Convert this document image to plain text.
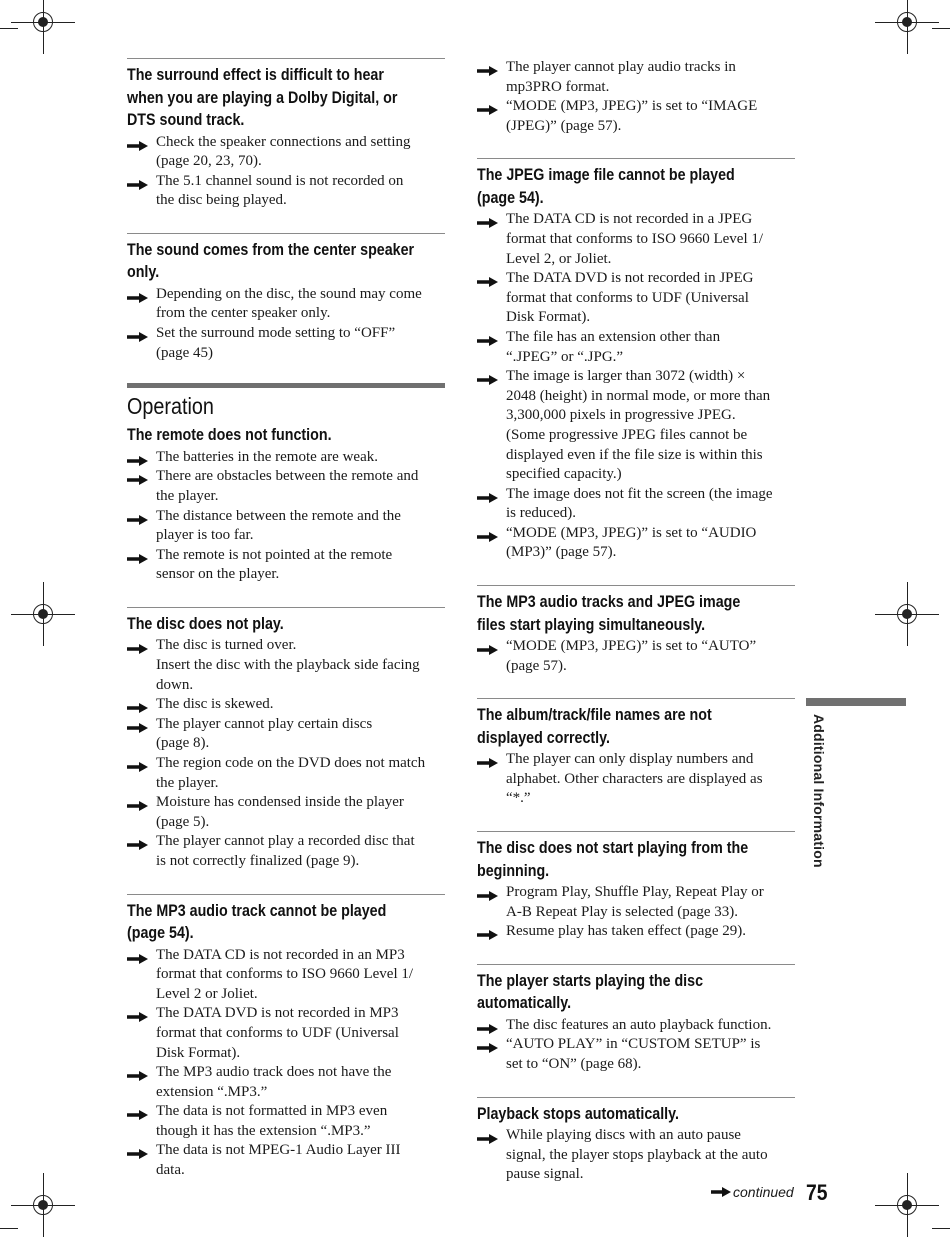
The surround effect is difficult to hear
when you are playing a Dolby Digital, or
DTS sound track.
Check the speaker connections and setting
(page 20, 23, 70).
The 5.1 channel sound is not recorded on
the disc being played.
The sound comes from the center speaker
only.
Depending on the disc, the sound may come
from the center speaker only.
Set the surround mode setting to “OFF”
(page 45)
Operation
The remote does not function.
The batteries in the remote are weak.
There are obstacles between the remote and
the player.
The distance between the remote and the
player is too far.
The remote is not pointed at the remote
sensor on the player.
The disc does not play.
The disc is turned over.
Insert the disc with the playback side facing
down.
The disc is skewed.
The player cannot play certain discs
(page 8).
The region code on the DVD does not match
the player.
Moisture has condensed inside the player
(page 5).
The player cannot play a recorded disc that
is not correctly finalized (page 9).
The MP3 audio track cannot be played
(page 54).
The DATA CD is not recorded in an MP3
format that conforms to ISO 9660 Level 1/
Level 2 or Joliet.
The DATA DVD is not recorded in MP3
format that conforms to UDF (Universal
Disk Format).
The MP3 audio track does not have the
extension “.MP3.”
The data is not formatted in MP3 even
though it has the extension “.MP3.”
The data is not MPEG-1 Audio Layer III
data.
The player cannot play audio tracks in
mp3PRO format.
“MODE (MP3, JPEG)” is set to “IMAGE
(JPEG)” (page 57).
The JPEG image file cannot be played
(page 54).
The DATA CD is not recorded in a JPEG
format that conforms to ISO 9660 Level 1/
Level 2, or Joliet.
The DATA DVD is not recorded in JPEG
format that conforms to UDF (Universal
Disk Format).
The file has an extension other than
“.JPEG” or “.JPG.”
The image is larger than 3072 (width) ×
2048 (height) in normal mode, or more than
3,300,000 pixels in progressive JPEG.
(Some progressive JPEG files cannot be
displayed even if the file size is within this
specified capacity.)
The image does not fit the screen (the image
is reduced).
“MODE (MP3, JPEG)” is set to “AUDIO
(MP3)” (page 57).
The MP3 audio tracks and JPEG image
files start playing simultaneously.
“MODE (MP3, JPEG)” is set to “AUTO”
(page 57).
The album/track/file names are not
displayed correctly.
The player can only display numbers and
alphabet. Other characters are displayed as
“*.”
The disc does not start playing from the
beginning.
Program Play, Shuffle Play, Repeat Play or
A-B Repeat Play is selected (page 33).
Resume play has taken effect (page 29).
The player starts playing the disc
automatically.
The disc features an auto playback function.
“AUTO PLAY” in “CUSTOM SETUP” is
set to “ON” (page 68).
Playback stops automatically.
While playing discs with an auto pause
signal, the player stops playback at the auto
pause signal.
Additional Information
continued 75
